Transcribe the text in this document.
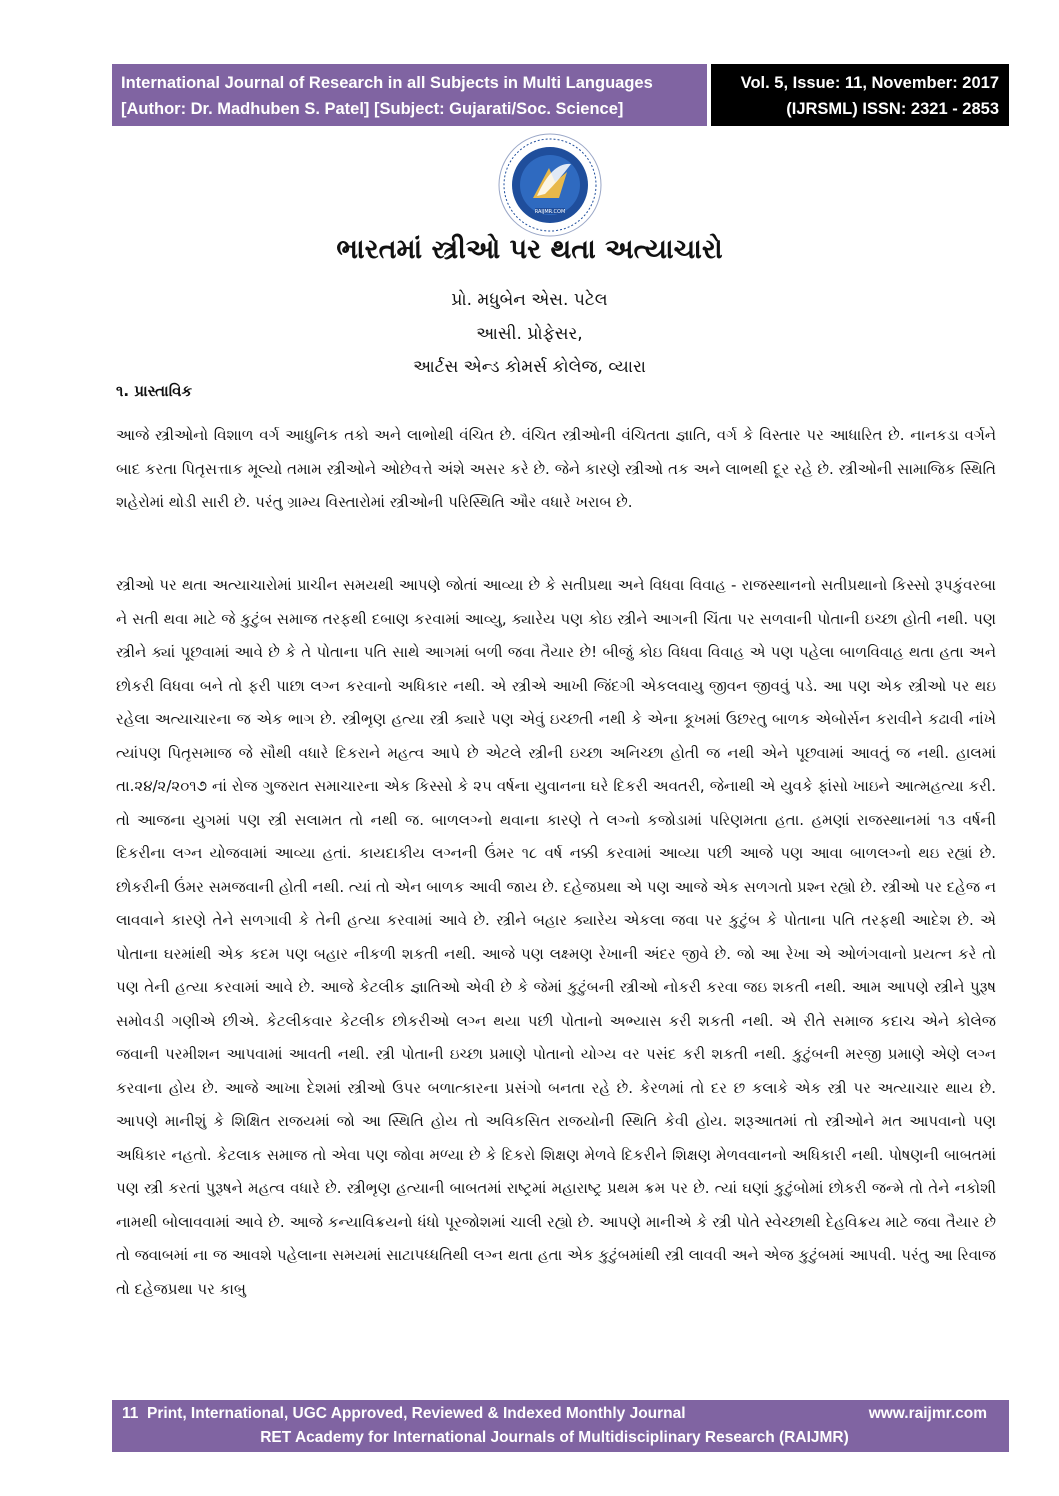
International Journal of Research in all Subjects in Multi Languages
[Author: Dr. Madhuben S. Patel] [Subject: Gujarati/Soc. Science]
Vol. 5, Issue: 11, November: 2017
(IJRSML) ISSN: 2321 - 2853
RAIJMR.COM
ભારતમાં સ્ત્રીઓ પર થતા અત્યાચારો
પ્રો. મધુબેન એસ. પટેલ
આસી. પ્રોફેસર,
આર્ટસ એન્ડ કોમર્સ કોલેજ, વ્યારા
૧. પ્રાસ્તાવિક

આજે સ્ત્રીઓનો વિશાળ વર્ગ આધુનિક તકો અને લાભોથી વંચિત છે. વંચિત સ્ત્રીઓની વંચિતતા જ્ઞાતિ, વર્ગ કે વિસ્તાર પર આધારિત છે. નાનકડા વર્ગને બાદ કરતા પિતૃસત્તાક મૂલ્યો તમામ સ્ત્રીઓને ઓછેવત્તે અંશે અસર કરે છે. જેને કારણે સ્ત્રીઓ તક અને લાભથી દૂર રહે છે. સ્ત્રીઓની સામાજિક સ્થિતિ શહેરોમાં થોડી સારી છે. પરંતુ ગ્રામ્ય વિસ્તારોમાં સ્ત્રીઓની પરિસ્થિતિ ઔર વધારે ખરાબ છે.

સ્ત્રીઓ પર થતા અત્યાચારોમાં પ્રાચીન સમયથી આપણે જોતાં આવ્યા છે કે સતીપ્રથા અને વિધવા વિવાહ - રાજસ્થાનનો સતીપ્રથાનો કિસ્સો રૂપકુંવરબા ને સતી થવા માટે જે કુટુંબ સમાજ તરફથી દબાણ કરવામાં આવ્યુ, ક્યારેય પણ કોઇ સ્ત્રીને આગની ચિંતા પર સળવાની પોતાની ઇચ્છા હોતી નથી. પણ સ્ત્રીને ક્યાં પૂછવામાં આવે છે કે તે પોતાના પતિ સાથે આગમાં બળી જવા તૈયાર છે! બીજું કોઇ વિધવા વિવાહ એ પણ પહેલા બાળવિવાહ થતા હતા અને છોકરી વિધવા બને તો ફરી પાછા લગ્ન કરવાનો અધિકાર નથી. એ સ્ત્રીએ આખી જિંદગી એકલવાયુ જીવન જીવવું પડે. આ પણ એક સ્ત્રીઓ પર થઇ રહેલા અત્યાચારના જ એક ભાગ છે. સ્ત્રીભૃણ હત્યા સ્ત્રી ક્યારે પણ એવું ઇચ્છતી નથી કે એના કૂખમાં ઉછરતુ બાળક એબોર્સન કરાવીને કઢાવી નાંખે ત્યાંપણ પિતૃસમાજ જે સૌથી વધારે દિકરાને મહત્વ આપે છે એટલે સ્ત્રીની ઇચ્છા અનિચ્છા હોતી જ નથી એને પૂછવામાં આવતું જ નથી. હાલમાં તા.૨૪/૨/૨૦૧૭ નાં રોજ ગુજરાત સમાચારના એક કિસ્સો કે ૨૫ વર્ષના યુવાનના ઘરે દિકરી અવતરી, જેનાથી એ યુવકે ફાંસો ખાઇને આત્મહત્યા કરી. તો આજના યુગમાં પણ સ્ત્રી સલામત તો નથી જ. બાળલગ્નો થવાના કારણે તે લગ્નો કજોડામાં પરિણમતા હતા. હમણાં રાજસ્થાનમાં ૧૩ વર્ષની દિકરીના લગ્ન યોજવામાં આવ્યા હતાં. કાયદાકીય લગ્નની ઉંમર ૧૮ વર્ષ નક્કી કરવામાં આવ્યા પછી આજે પણ આવા બાળલગ્નો થઇ રહ્યાં છે. છોકરીની ઉંમર સમજવાની હોતી નથી. ત્યાં તો એન બાળક આવી જાય છે. દહેજપ્રથા એ પણ આજે એક સળગતો પ્રશ્ન રહ્યો છે. સ્ત્રીઓ પર દહેજ ન લાવવાને કારણે તેને સળગાવી કે તેની હત્યા કરવામાં આવે છે. સ્ત્રીને બહાર ક્યારેય એકલા જવા પર કુટુંબ કે પોતાના પતિ તરફથી આદેશ છે. એ પોતાના ઘરમાંથી એક કદમ પણ બહાર નીકળી શકતી નથી. આજે પણ લક્ષ્મણ રેખાની અંદર જીવે છે. જો આ રેખા એ ઓળંગવાનો પ્રયત્ન કરે તો પણ તેની હત્યા કરવામાં આવે છે. આજે કેટલીક જ્ઞાતિઓ એવી છે કે જેમાં કુટુંબની સ્ત્રીઓ નોકરી કરવા જઇ શકતી નથી. આમ આપણે સ્ત્રીને પુરૂષ સમોવડી ગણીએ છીએ. કેટલીકવાર કેટલીક છોકરીઓ લગ્ન થયા પછી પોતાનો અભ્યાસ કરી શકતી નથી. એ રીતે સમાજ કદાચ એને કોલેજ જવાની પરમીશન આપવામાં આવતી નથી. સ્ત્રી પોતાની ઇચ્છા પ્રમાણે પોતાનો યોગ્ય વર પસંદ કરી શકતી નથી. કુટુંબની મરજી પ્રમાણે એણે લગ્ન કરવાના હોય છે. આજે આખા દેશમાં સ્ત્રીઓ ઉપર બળાત્કારના પ્રસંગો બનતા રહે છે. કેરળમાં તો દર છ કલાકે એક સ્ત્રી પર અત્યાચાર થાય છે. આપણે માનીશું કે શિક્ષિત રાજયમાં જો આ સ્થિતિ હોય તો અવિકસિત રાજયોની સ્થિતિ કેવી હોય. શરૂઆતમાં તો સ્ત્રીઓને મત આપવાનો પણ અધિકાર નહતો. કેટલાક સમાજ તો એવા પણ જોવા મળ્યા છે કે દિકરો શિક્ષણ મેળવે દિકરીને શિક્ષણ મેળવવાનનો અધિકારી નથી. પોષણની બાબતમાં પણ સ્ત્રી કરતાં પુરૂષને મહત્વ વધારે છે. સ્ત્રીભૃણ હત્યાની બાબતમાં રાષ્ટ્રમાં મહારાષ્ટ્ર પ્રથમ ક્રમ પર છે. ત્યાં ઘણાં કુટુંબોમાં છોકરી જન્મે તો તેને નકોશી નામથી બોલાવવામાં આવે છે. આજે કન્યાવિક્રયનો ધંધો પૂરજોશમાં ચાલી રહ્યો છે. આપણે માનીએ કે સ્ત્રી પોતે સ્વેચ્છાથી દેહવિક્રય માટે જવા તૈયાર છે તો જવાબમાં ના જ આવશે પહેલાના સમયમાં સાટાપધ્ધતિથી લગ્ન થતા હતા એક કુટુંબમાંથી સ્ત્રી લાવવી અને એજ કુટુંબમાં આપવી. પરંતુ આ રિવાજ તો દહેજપ્રથા પર કાબુ

11 Print, International, UGC Approved, Reviewed & Indexed Monthly Journal	www.raijmr.com
RET Academy for International Journals of Multidisciplinary Research (RAIJMR)
